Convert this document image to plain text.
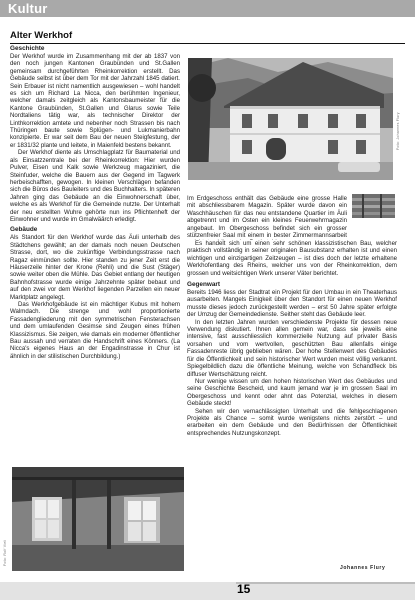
Kultur
Alter Werkhof
Geschichte

Der Werkhof wurde im Zusammenhang mit der ab 1837 von den noch jungen Kantonen Graubünden und St.Gallen gemeinsam durchgeführten Rheinkorrektion erstellt. Das Gebäude selbst ist über dem Tor mit der Jahrzahl 1845 datiert. Sein Erbauer ist nicht namentlich ausgewiesen – wohl handelt es sich um Richard La Nicca, den berühmten Ingenieur, welcher damals zeitgleich als Kantonsbaumeister für die Kantone Graubünden, St.Gallen und Glarus sowie Teile Nordtaliens tätig war, als technischer Direktor der Linthkorrektion amtete und nebenher noch Strassen bis nach Thüringen baute sowie Splügen- und Lukmanierbahn konzipierte. Er war seit dem Bau der neuen Steigfestung, der er 1831/32 plante und leitete, in Maienfeld bestens bekannt.

Der Werkhof diente als Umschlagplatz für Baumaterial und als Einsatzzentrale bei der Rheinkorrektion: Hier wurden Pulver, Eisen und Kalk sowie Werkzeug magaziniert, die Steinfuder, welche die Bauern aus der Gegend im Tagwerk herbeischafften, gewogen. In kleinen Verschlägen befanden sich die Büros des Bauleiters und des Buchhalters. In späteren Jahren ging das Gebäude an die Einwohnerschaft über, welche es als Werkhof für die Gemeinde nutzte. Der Unterhalt der neu erstellten Wuhre gehörte nun ins Pflichtenheft der Einwohner und wurde im Gmalwäärch erledigt.

Gebäude

Als Standort für den Werkhof wurde das Äuli unterhalb des Städtchens gewählt; an der damals noch neuen Deutschen Strasse, dort, wo die zukünftige Verbindungsstrasse nach Ragaz einmünden sollte. Hier standen zu jener Zeit erst die Häuserzeile hinter der Krone (Rehli) und die Sust (Stäger) sowie weiter oben die Mühle. Das Gebiet entlang der heutigen Bahnhofstrasse wurde einige Jahrzehnte später bebaut und auf den zwei vor dem Werkhof liegenden Parzellen ein neuer Marktplatz angelegt.

Das Werkhofgebäude ist ein mächtiger Kubus mit hohem Walmdach. Die strenge und wohl proportionierte Fassadengliederung mit den symmetrischen Fensterachsen und dem umlaufenden Gesimse sind Zeugen eines frühen Klassizismus. Sie zeigen, wie damals ein moderner öffentlicher Bau aussah und verraten die Handschrift eines Könners. (La Nicca's eigenes Haus an der Engadinstrasse in Chur ist ähnlich in der stilistischen Durchbildung.)

Foto: Rolf Vieli
Foto: Johannes Flury

Im Erdgeschoss enthält das Gebäude eine grosse Halle mit abschliessbarem Magazin. Später wurde davon ein Waschhäuschen für das neu entstandene Quartier im Äuli abgetrennt und im Osten ein kleines Feuerwehrmagazin angebaut. Im Obergeschoss befindet sich ein grosser stützenfreier Saal mit einem in bester Zimmermannsarbeit

Es handelt sich um einen sehr schönen klassizistischen Bau, welcher praktisch vollständig in seiner originalen Bausubstanz erhalten ist und einen wichtigen und einzigartigen Zeitzeugen – ist dies doch der letzte erhaltene Werkhofentlang des Rheins, welcher uns von der Rheinkorrektion, dem grossen und weitsichtigen Werk unserer Väter berichtet.

Gegenwart

Bereits 1946 liess der Stadtrat ein Projekt für den Umbau in ein Theaterhaus ausarbeiten. Mangels Einigkeit über den Standort für einen neuen Werkhof musste dieses jedoch zurückgestellt werden – erst 50 Jahre später erfolgte der Umzug der Gemeindedienste. Seither steht das Gebäude leer.

In den letzten Jahren wurden verschiedenste Projekte für dessen neue Verwendung diskutiert. Ihnen allen gemein war, dass sie jeweils eine intensive, fast ausschliesslich kommerzielle Nutzung auf privater Basis vorsahen und vom wertvollen, geschützten Bau allenfalls einige Fassadenreste übrig geblieben wären. Der hohe Stellenwert des Gebäudes für die Öffentlichkeit und sein historischer Wert wurden meist völlig verkannt. Spiegelbildlich dazu die öffentliche Meinung, welche von Schandfleck bis diffuser Wertschätzung reicht.

Nur wenige wissen um den hohen historischen Wert des Gebäudes und seine Geschichte Bescheid, und kaum jemand war je im grossen Saal im Obergeschoss und kennt oder ahnt das Potenzial, welches in diesem Gebäude steckt!

Sehen wir den vernachlässigten Unterhalt und die fehlgeschlagenen Projekte als Chance – somit wurde wenigstens nichts zerstört – und erarbeiten ein dem Gebäude und den Bedürfnissen der Öffentlichkeit entsprechendes Nutzungskonzept.

Johannes Flury
15
